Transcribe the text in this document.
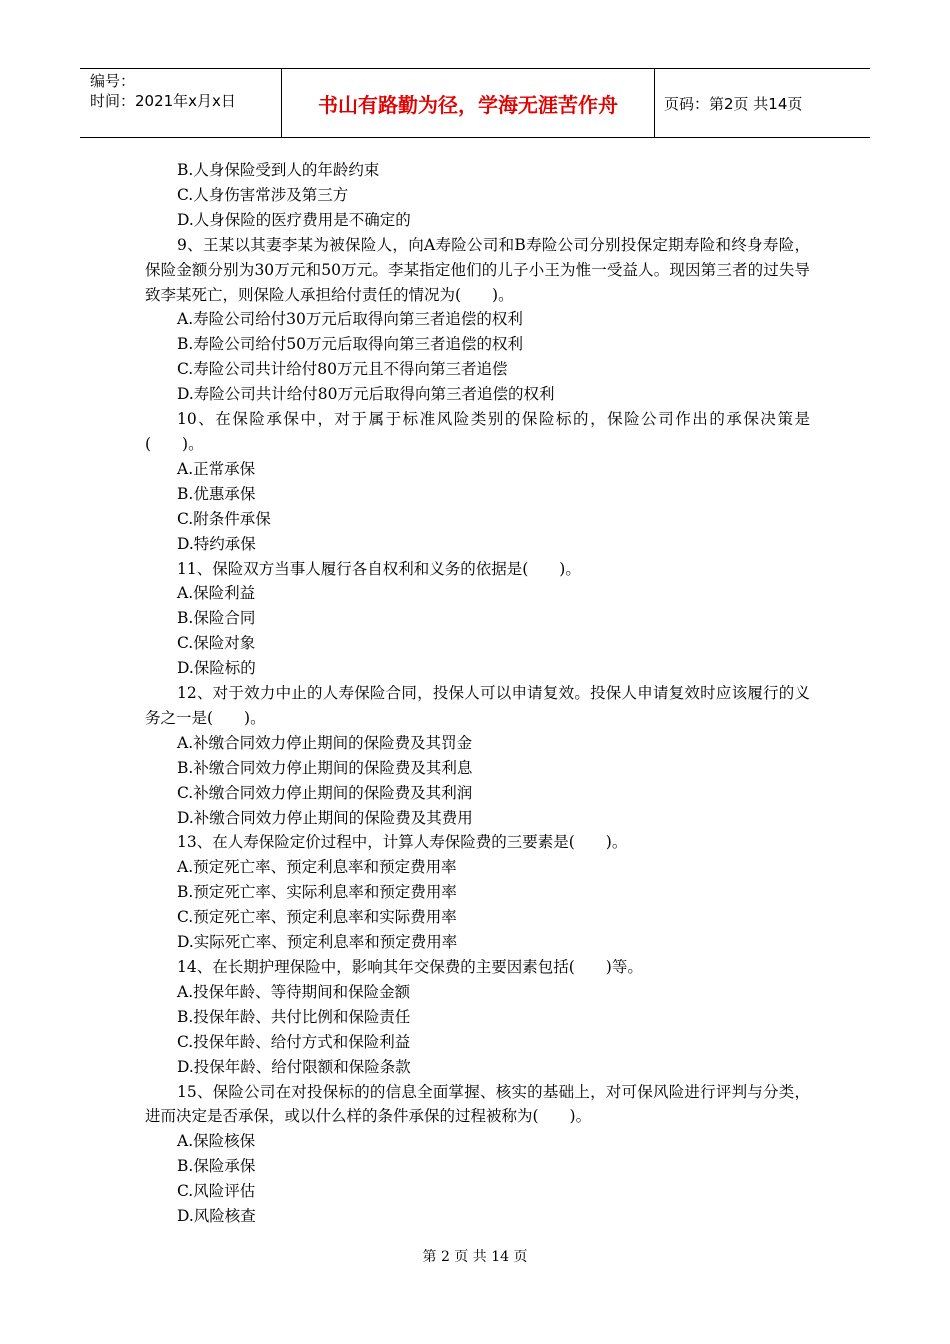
编号：
时间：2021年x月x日	书山有路勤为径，学海无涯苦作舟	页码：第2页 共14页

B.人身保险受到人的年龄约束

C.人身伤害常涉及第三方

D.人身保险的医疗费用是不确定的

9、王某以其妻李某为被保险人，向A寿险公司和B寿险公司分别投保定期寿险和终身寿险，保险金额分别为30万元和50万元。李某指定他们的儿子小王为惟一受益人。现因第三者的过失导致李某死亡，则保险人承担给付责任的情况为(　　)。

A.寿险公司给付30万元后取得向第三者追偿的权利

B.寿险公司给付50万元后取得向第三者追偿的权利

C.寿险公司共计给付80万元且不得向第三者追偿

D.寿险公司共计给付80万元后取得向第三者追偿的权利

10、在保险承保中，对于属于标准风险类别的保险标的，保险公司作出的承保决策是(　　)。

A.正常承保

B.优惠承保

C.附条件承保

D.特约承保

11、保险双方当事人履行各自权利和义务的依据是(　　)。

A.保险利益

B.保险合同

C.保险对象

D.保险标的

12、对于效力中止的人寿保险合同，投保人可以申请复效。投保人申请复效时应该履行的义务之一是(　　)。

A.补缴合同效力停止期间的保险费及其罚金

B.补缴合同效力停止期间的保险费及其利息

C.补缴合同效力停止期间的保险费及其利润

D.补缴合同效力停止期间的保险费及其费用

13、在人寿保险定价过程中，计算人寿保险费的三要素是(　　)。

A.预定死亡率、预定利息率和预定费用率

B.预定死亡率、实际利息率和预定费用率

C.预定死亡率、预定利息率和实际费用率

D.实际死亡率、预定利息率和预定费用率

14、在长期护理保险中，影响其年交保费的主要因素包括(　　)等。

A.投保年龄、等待期间和保险金额

B.投保年龄、共付比例和保险责任

C.投保年龄、给付方式和保险利益

D.投保年龄、给付限额和保险条款

15、保险公司在对投保标的的信息全面掌握、核实的基础上，对可保风险进行评判与分类，进而决定是否承保，或以什么样的条件承保的过程被称为(　　)。

A.保险核保

B.保险承保

C.风险评估

D.风险核查

第 2 页 共 14 页
